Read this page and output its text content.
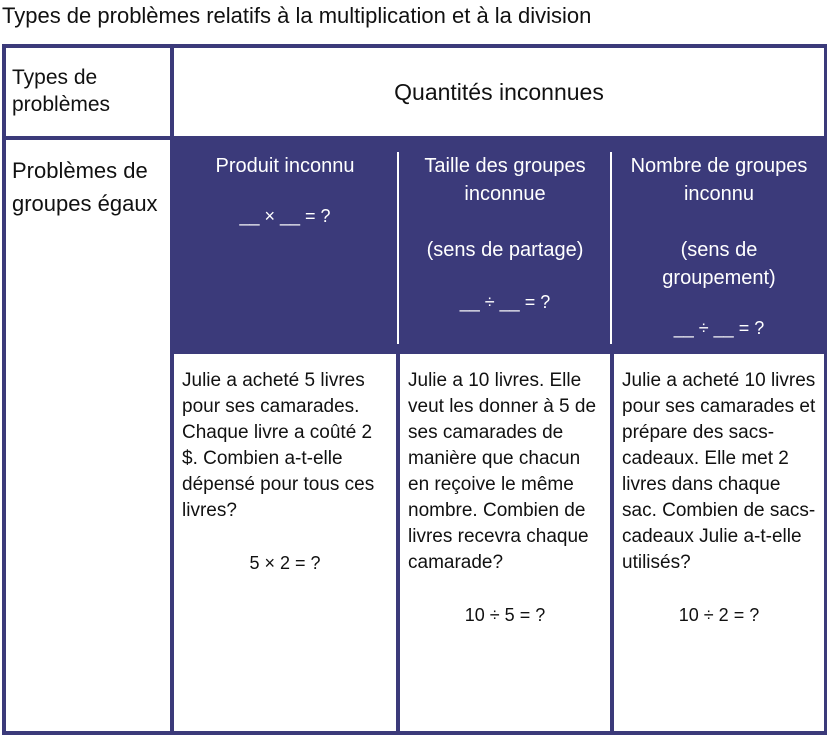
Types de problèmes relatifs à la multiplication et à la division
Types de problèmes	Quantités inconnues
Problèmes de groupes égaux
Produit inconnu
__ × __ = ?
Taille des groupes inconnue
(sens de partage)
__ ÷ __ = ?
Nombre de groupes inconnu
(sens de groupement)
__ ÷ __ = ?
Julie a acheté 5 livres pour ses camarades. Chaque livre a coûté 2 $. Combien a-t-elle dépensé pour tous ces livres?
5 × 2 = ?
Julie a 10 livres. Elle veut les donner à 5 de ses camarades de manière que chacun en reçoive le même nombre. Combien de livres recevra chaque camarade?
10 ÷ 5 = ?
Julie a acheté 10 livres pour ses camarades et prépare des sacs-cadeaux. Elle met 2 livres dans chaque sac. Combien de sacs-cadeaux Julie a-t-elle utilisés?
10 ÷ 2 = ?
